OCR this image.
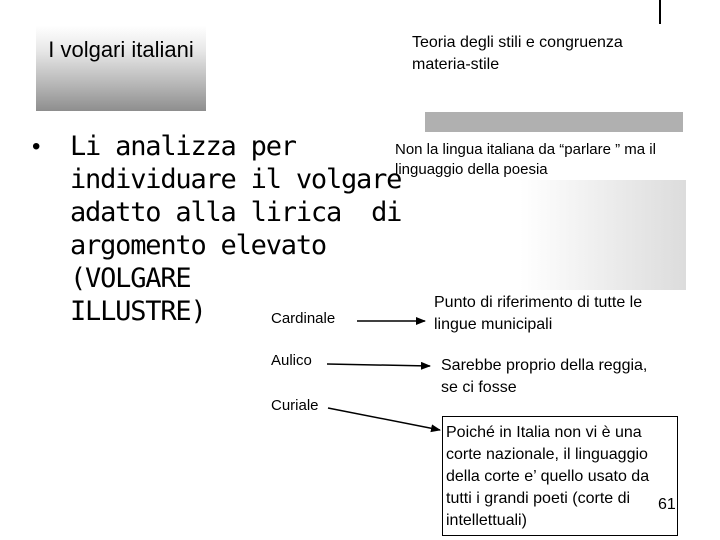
I volgari italiani	Teoria degli stili e congruenza materia-stile
• Li analizza per
individuare il volgare
adatto alla lirica  di
argomento elevato
(VOLGARE
ILLUSTRE)
Non la lingua italiana da “parlare ” ma il linguaggio della poesia
Cardinale
Aulico
Curiale
Punto di riferimento di tutte le lingue municipali
Sarebbe proprio della reggia, se ci fosse
Poiché in Italia non vi è una corte nazionale, il linguaggio della corte e’ quello usato da tutti i grandi poeti (corte di intellettuali)
61
